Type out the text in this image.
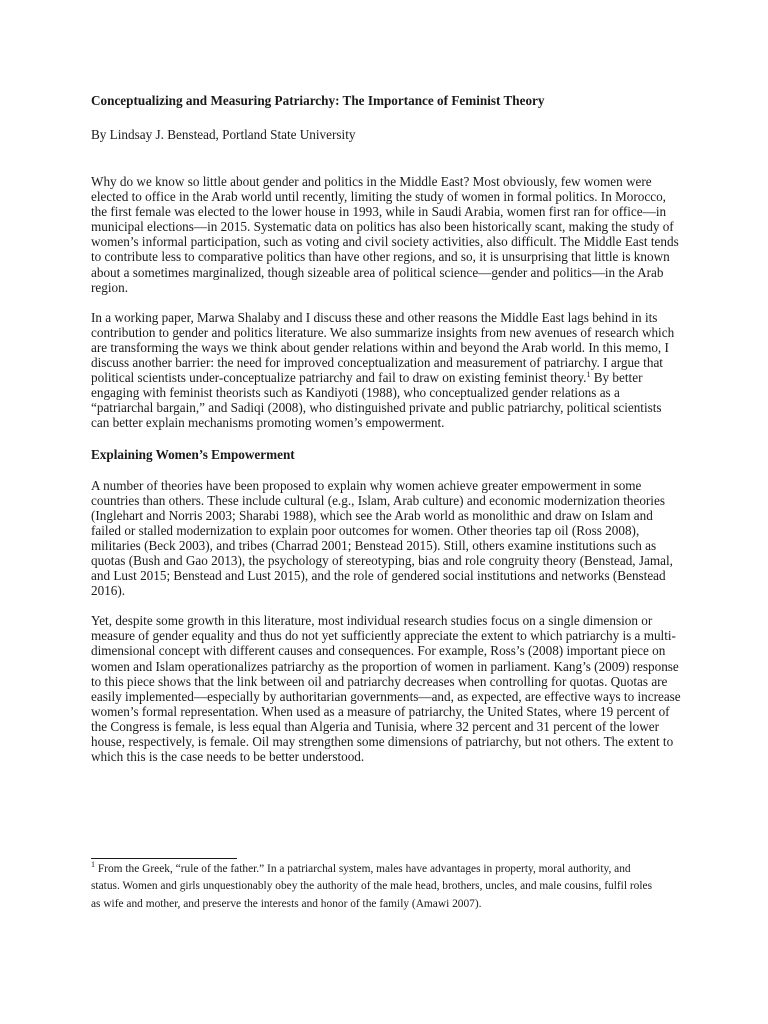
Conceptualizing and Measuring Patriarchy: The Importance of Feminist Theory

By Lindsay J. Benstead, Portland State University

Why do we know so little about gender and politics in the Middle East? Most obviously, few women were elected to office in the Arab world until recently, limiting the study of women in formal politics. In Morocco, the first female was elected to the lower house in 1993, while in Saudi Arabia, women first ran for office—in municipal elections—in 2015. Systematic data on politics has also been historically scant, making the study of women’s informal participation, such as voting and civil society activities, also difficult. The Middle East tends to contribute less to comparative politics than have other regions, and so, it is unsurprising that little is known about a sometimes marginalized, though sizeable area of political science—gender and politics—in the Arab region.

In a working paper, Marwa Shalaby and I discuss these and other reasons the Middle East lags behind in its contribution to gender and politics literature. We also summarize insights from new avenues of research which are transforming the ways we think about gender relations within and beyond the Arab world. In this memo, I discuss another barrier: the need for improved conceptualization and measurement of patriarchy. I argue that political scientists under-conceptualize patriarchy and fail to draw on existing feminist theory.$^1$ By better engaging with feminist theorists such as Kandiyoti (1988), who conceptualized gender relations as a “patriarchal bargain,” and Sadiqi (2008), who distinguished private and public patriarchy, political scientists can better explain mechanisms promoting women’s empowerment.

Explaining Women’s Empowerment

A number of theories have been proposed to explain why women achieve greater empowerment in some countries than others. These include cultural (e.g., Islam, Arab culture) and economic modernization theories (Inglehart and Norris 2003; Sharabi 1988), which see the Arab world as monolithic and draw on Islam and failed or stalled modernization to explain poor outcomes for women. Other theories tap oil (Ross 2008), militaries (Beck 2003), and tribes (Charrad 2001; Benstead 2015). Still, others examine institutions such as quotas (Bush and Gao 2013), the psychology of stereotyping, bias and role congruity theory (Benstead, Jamal, and Lust 2015; Benstead and Lust 2015), and the role of gendered social institutions and networks (Benstead 2016).

Yet, despite some growth in this literature, most individual research studies focus on a single dimension or measure of gender equality and thus do not yet sufficiently appreciate the extent to which patriarchy is a multi-dimensional concept with different causes and consequences. For example, Ross’s (2008) important piece on women and Islam operationalizes patriarchy as the proportion of women in parliament. Kang’s (2009) response to this piece shows that the link between oil and patriarchy decreases when controlling for quotas. Quotas are easily implemented—especially by authoritarian governments—and, as expected, are effective ways to increase women’s formal representation. When used as a measure of patriarchy, the United States, where 19 percent of the Congress is female, is less equal than Algeria and Tunisia, where 32 percent and 31 percent of the lower house, respectively, is female. Oil may strengthen some dimensions of patriarchy, but not others. The extent to which this is the case needs to be better understood.

$^1$ From the Greek, “rule of the father.” In a patriarchal system, males have advantages in property, moral authority, and status. Women and girls unquestionably obey the authority of the male head, brothers, uncles, and male cousins, fulfil roles as wife and mother, and preserve the interests and honor of the family (Amawi 2007).
